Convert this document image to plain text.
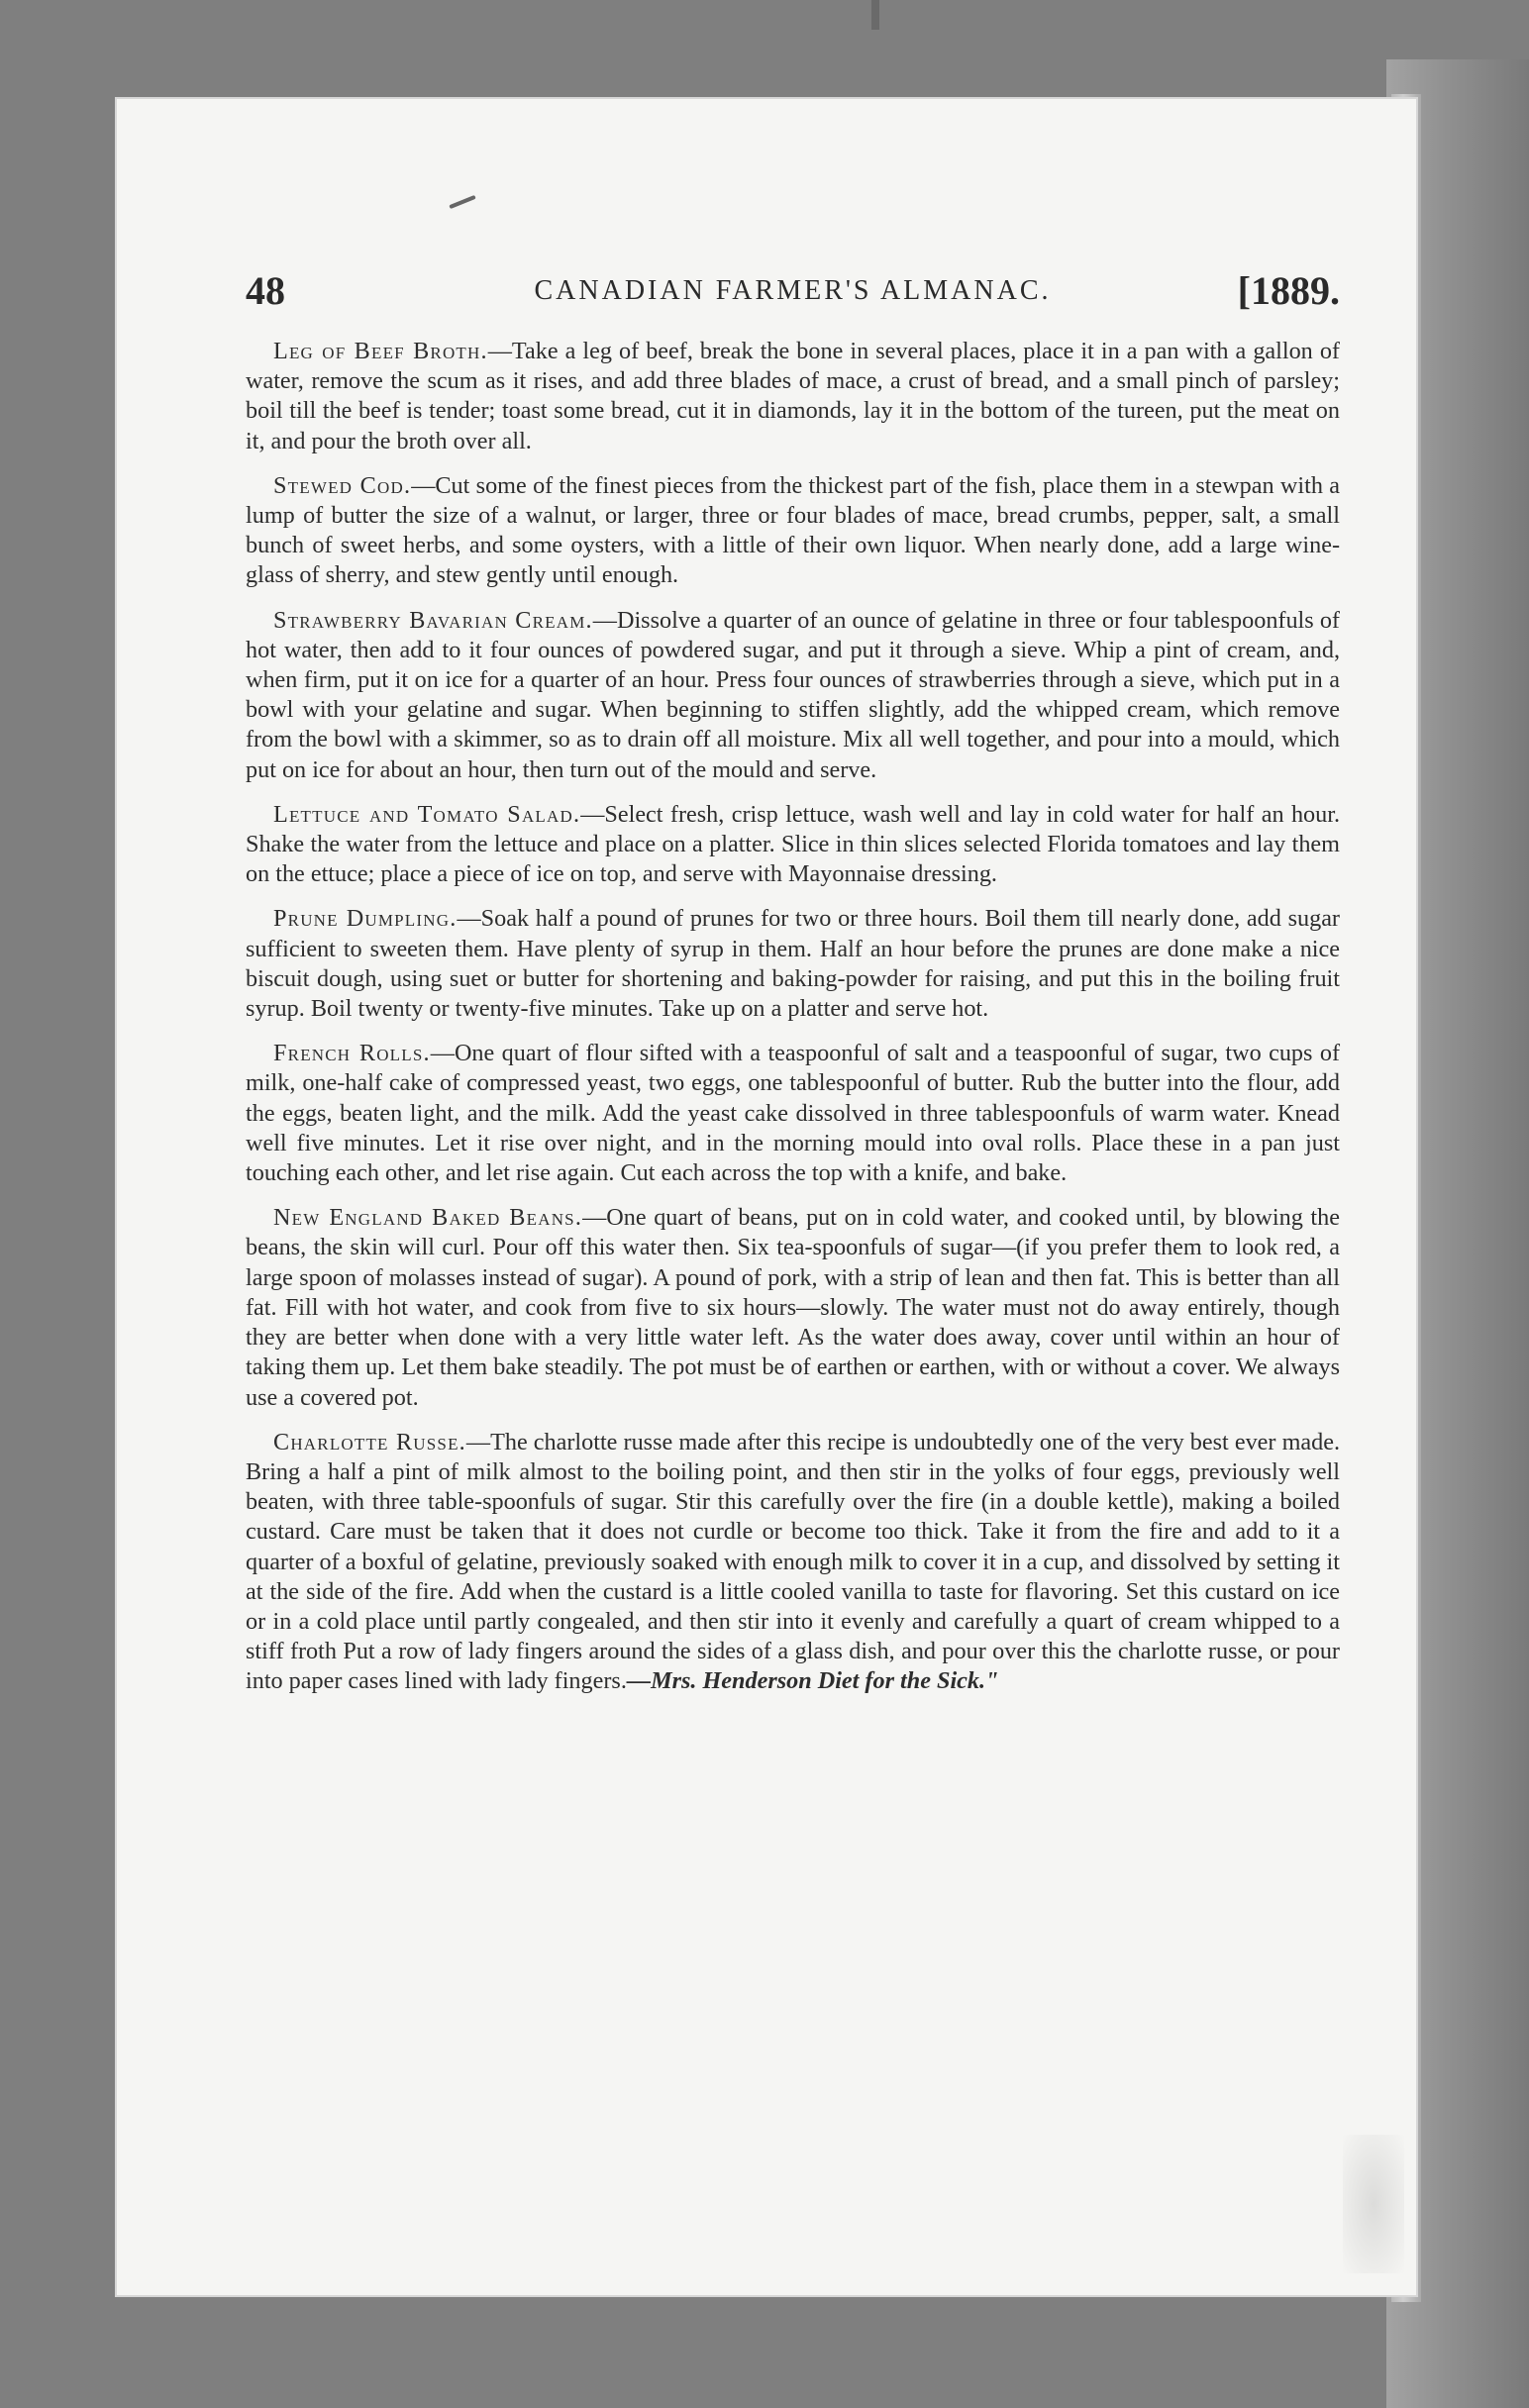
48	CANADIAN FARMER'S ALMANAC.	[1889.

Leg of Beef Broth.—Take a leg of beef, break the bone in several places, place it in a pan with a gallon of water, remove the scum as it rises, and add three blades of mace, a crust of bread, and a small pinch of parsley; boil till the beef is tender; toast some bread, cut it in diamonds, lay it in the bottom of the tureen, put the meat on it, and pour the broth over all.

Stewed Cod.—Cut some of the finest pieces from the thickest part of the fish, place them in a stewpan with a lump of butter the size of a walnut, or larger, three or four blades of mace, bread crumbs, pepper, salt, a small bunch of sweet herbs, and some oysters, with a little of their own liquor. When nearly done, add a large wine-glass of sherry, and stew gently until enough.

Strawberry Bavarian Cream.—Dissolve a quarter of an ounce of gelatine in three or four tablespoonfuls of hot water, then add to it four ounces of powdered sugar, and put it through a sieve. Whip a pint of cream, and, when firm, put it on ice for a quarter of an hour. Press four ounces of strawberries through a sieve, which put in a bowl with your gelatine and sugar. When beginning to stiffen slightly, add the whipped cream, which remove from the bowl with a skimmer, so as to drain off all moisture. Mix all well together, and pour into a mould, which put on ice for about an hour, then turn out of the mould and serve.

Lettuce and Tomato Salad.—Select fresh, crisp lettuce, wash well and lay in cold water for half an hour. Shake the water from the lettuce and place on a platter. Slice in thin slices selected Florida tomatoes and lay them on the ettuce; place a piece of ice on top, and serve with Mayonnaise dressing.

Prune Dumpling.—Soak half a pound of prunes for two or three hours. Boil them till nearly done, add sugar sufficient to sweeten them. Have plenty of syrup in them. Half an hour before the prunes are done make a nice biscuit dough, using suet or butter for shortening and baking-powder for raising, and put this in the boiling fruit syrup. Boil twenty or twenty-five minutes. Take up on a platter and serve hot.

French Rolls.—One quart of flour sifted with a teaspoonful of salt and a teaspoonful of sugar, two cups of milk, one-half cake of compressed yeast, two eggs, one tablespoonful of butter. Rub the butter into the flour, add the eggs, beaten light, and the milk. Add the yeast cake dissolved in three tablespoonfuls of warm water. Knead well five minutes. Let it rise over night, and in the morning mould into oval rolls. Place these in a pan just touching each other, and let rise again. Cut each across the top with a knife, and bake.

New England Baked Beans.—One quart of beans, put on in cold water, and cooked until, by blowing the beans, the skin will curl. Pour off this water then. Six tea-spoonfuls of sugar—(if you prefer them to look red, a large spoon of molasses instead of sugar). A pound of pork, with a strip of lean and then fat. This is better than all fat. Fill with hot water, and cook from five to six hours—slowly. The water must not do away entirely, though they are better when done with a very little water left. As the water does away, cover until within an hour of taking them up. Let them bake steadily. The pot must be of earthen or earthen, with or without a cover. We always use a covered pot.

Charlotte Russe.—The charlotte russe made after this recipe is undoubtedly one of the very best ever made. Bring a half a pint of milk almost to the boiling point, and then stir in the yolks of four eggs, previously well beaten, with three table-spoonfuls of sugar. Stir this carefully over the fire (in a double kettle), making a boiled custard. Care must be taken that it does not curdle or become too thick. Take it from the fire and add to it a quarter of a boxful of gelatine, previously soaked with enough milk to cover it in a cup, and dissolved by setting it at the side of the fire. Add when the custard is a little cooled vanilla to taste for flavoring. Set this custard on ice or in a cold place until partly congealed, and then stir into it evenly and carefully a quart of cream whipped to a stiff froth Put a row of lady fingers around the sides of a glass dish, and pour over this the charlotte russe, or pour into paper cases lined with lady fingers.—Mrs. Henderson Diet for the Sick."
